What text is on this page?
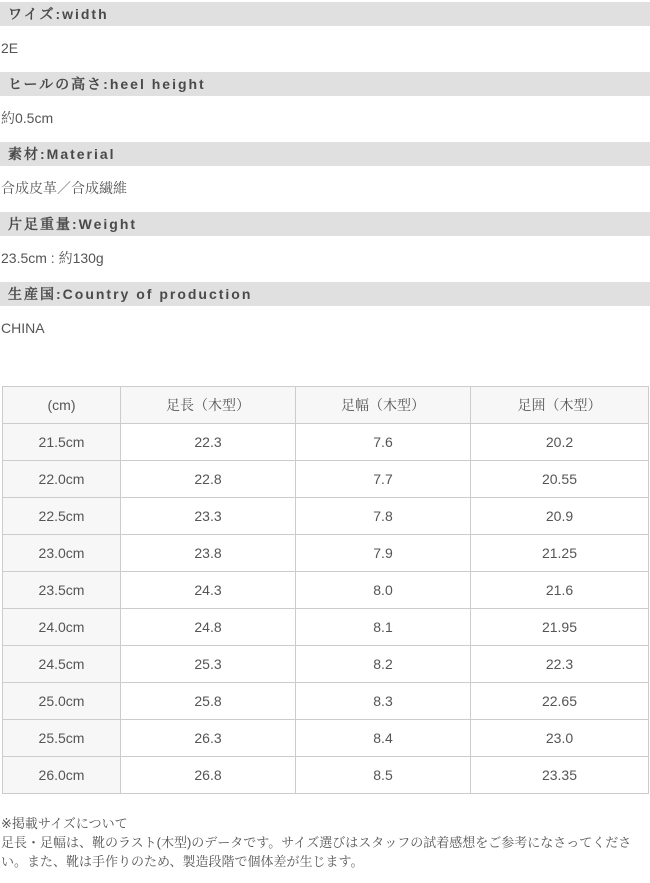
ワイズ:width
2E
ヒールの高さ:heel height
約0.5cm
素材:Material
合成皮革／合成繊維
片足重量:Weight
23.5cm : 約130g
生産国:Country of production
CHINA
(cm)	足長（木型）	足幅（木型）	足囲（木型）
21.5cm	22.3	7.6	20.2
22.0cm	22.8	7.7	20.55
22.5cm	23.3	7.8	20.9
23.0cm	23.8	7.9	21.25
23.5cm	24.3	8.0	21.6
24.0cm	24.8	8.1	21.95
24.5cm	25.3	8.2	22.3
25.0cm	25.8	8.3	22.65
25.5cm	26.3	8.4	23.0
26.0cm	26.8	8.5	23.35
※掲載サイズについて
足長・足幅は、靴のラスト(木型)のデータです。サイズ選びはスタッフの試着感想をご参考になさってください。また、靴は手作りのため、製造段階で個体差が生じます。
